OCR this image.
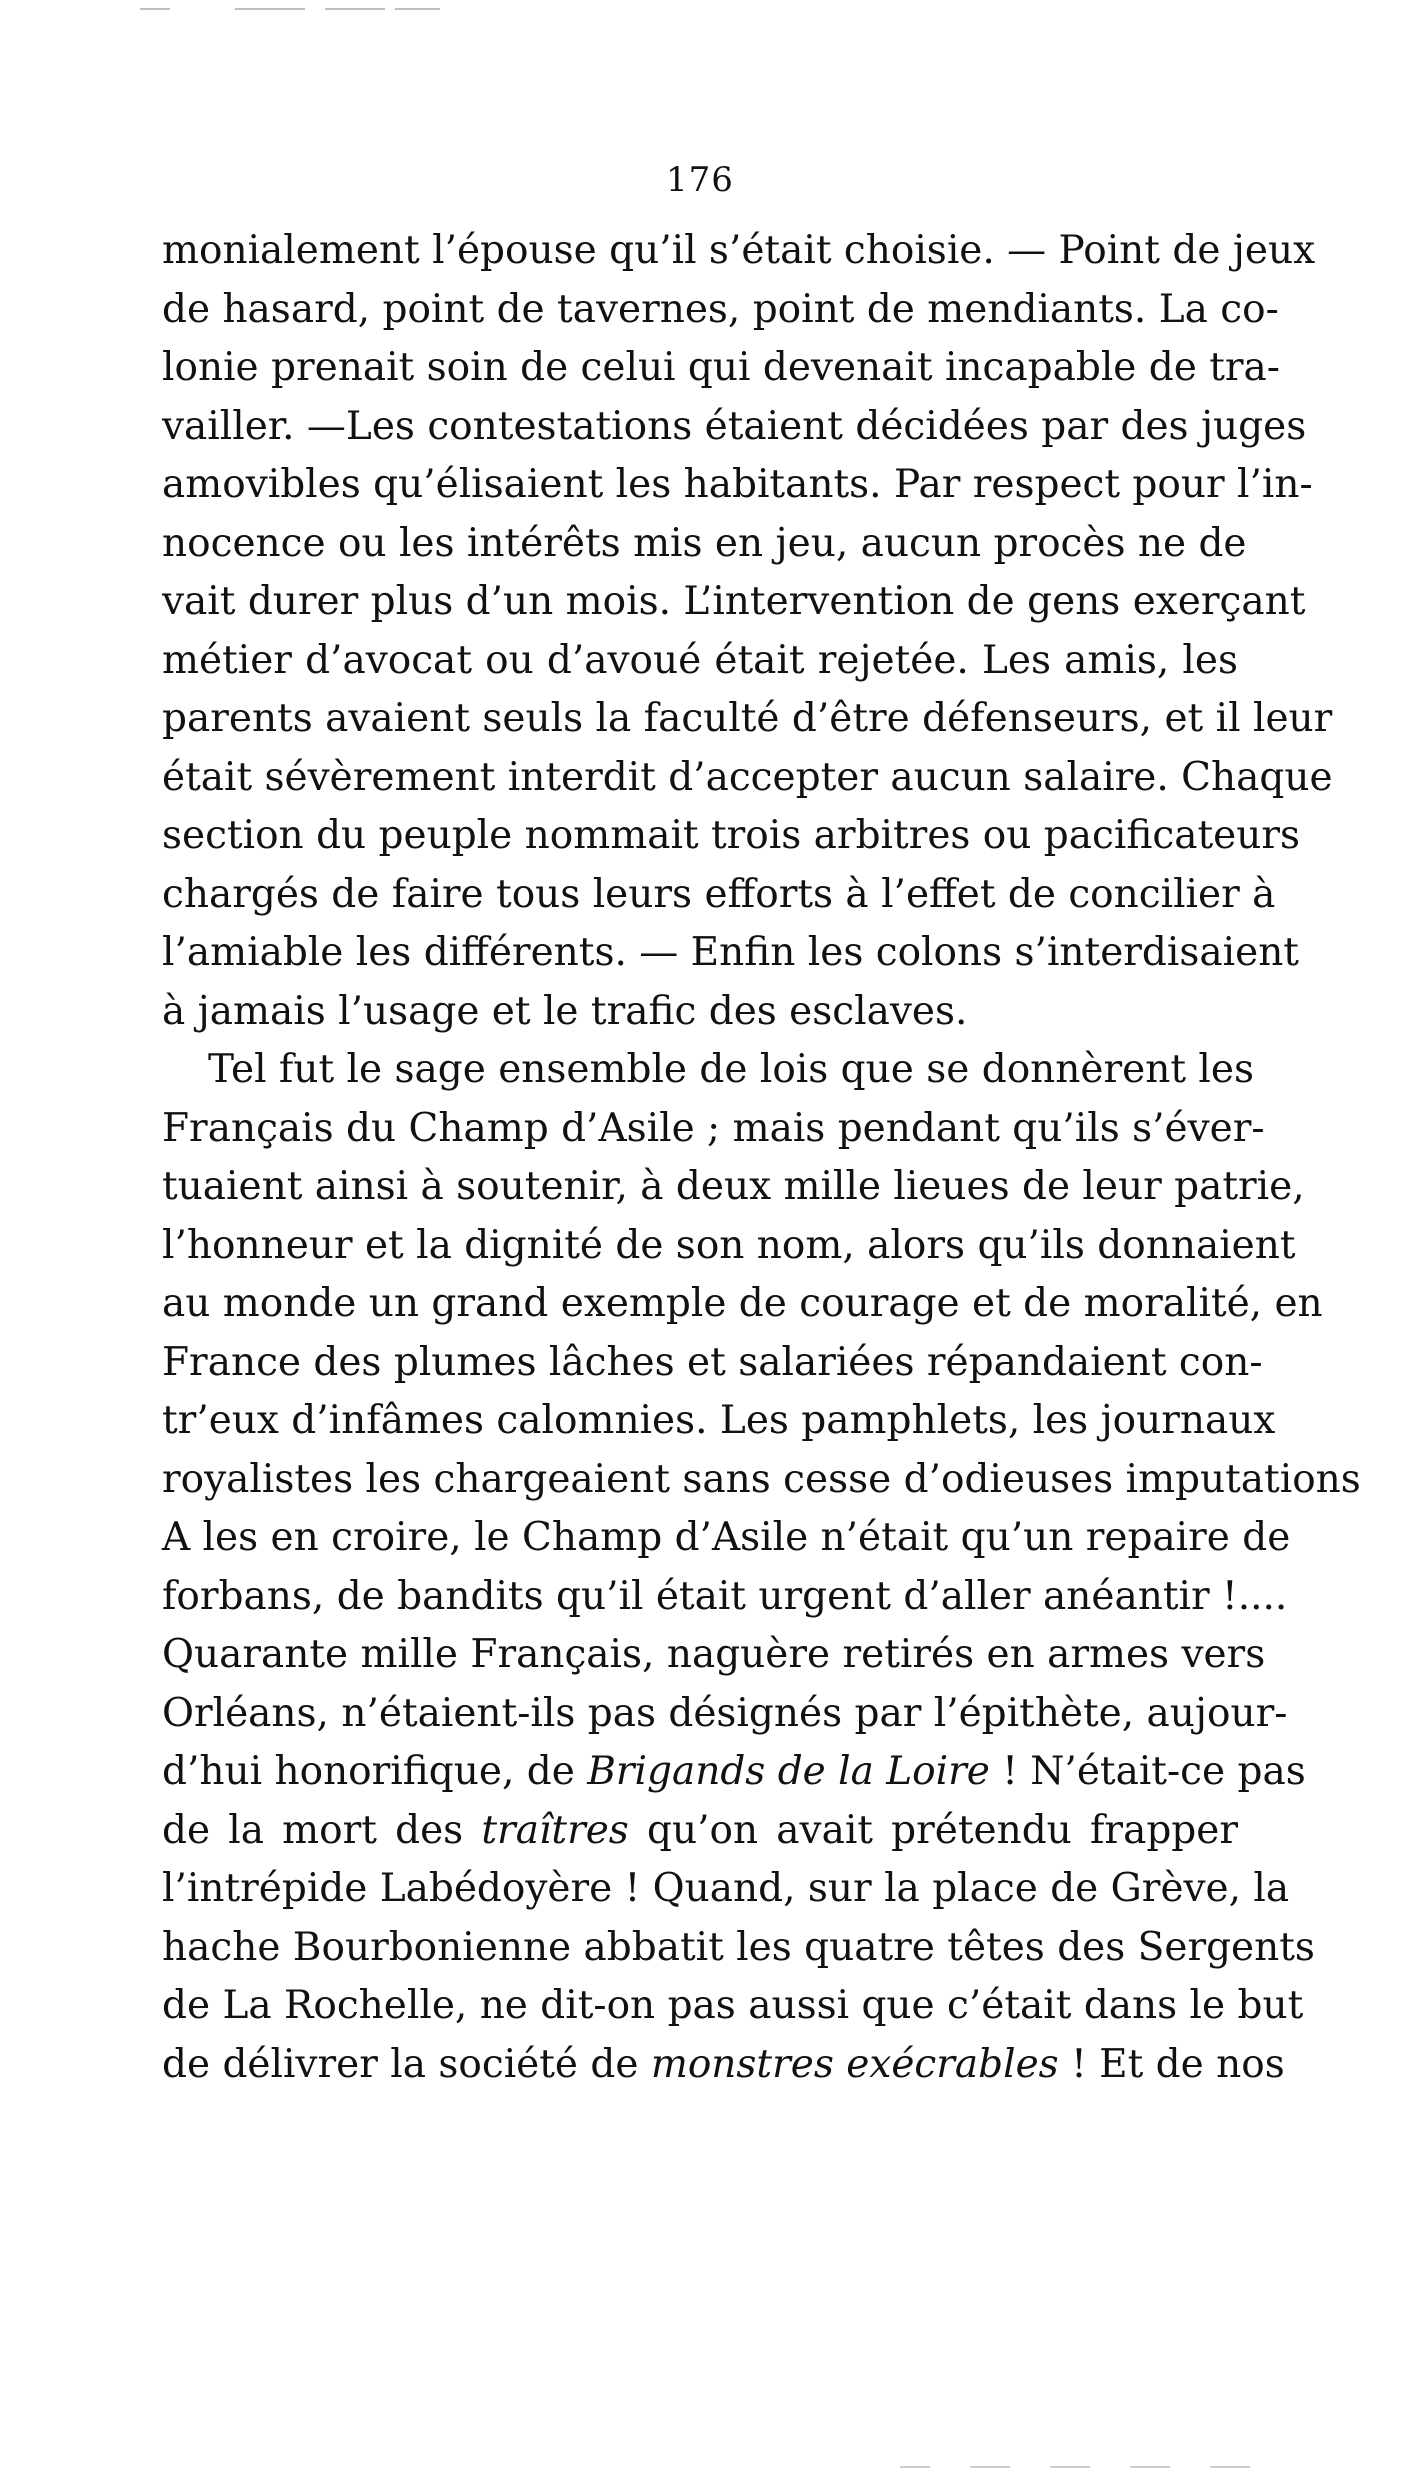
176
monialement l’épouse qu’il s’était choisie. — Point de jeux
de hasard, point de tavernes, point de mendiants. La co-
lonie prenait soin de celui qui devenait incapable de tra-
vailler. —Les contestations étaient décidées par des juges
amovibles qu’élisaient les habitants. Par respect pour l’in-
nocence ou les intérêts mis en jeu, aucun procès ne de
vait durer plus d’un mois. L’intervention de gens exerçant
métier d’avocat ou d’avoué était rejetée. Les amis, les
parents avaient seuls la faculté d’être défenseurs, et il leur
était sévèrement interdit d’accepter aucun salaire. Chaque
section du peuple nommait trois arbitres ou pacificateurs
chargés de faire tous leurs efforts à l’effet de concilier à
l’amiable les différents. — Enfin les colons s’interdisaient
à jamais l’usage et le trafic des esclaves.
Tel fut le sage ensemble de lois que se donnèrent les
Français du Champ d’Asile ; mais pendant qu’ils s’éver-
tuaient ainsi à soutenir, à deux mille lieues de leur patrie,
l’honneur et la dignité de son nom, alors qu’ils donnaient
au monde un grand exemple de courage et de moralité, en
France des plumes lâches et salariées répandaient con-
tr’eux d’infâmes calomnies. Les pamphlets, les journaux
royalistes les chargeaient sans cesse d’odieuses imputations
A les en croire, le Champ d’Asile n’était qu’un repaire de
forbans, de bandits qu’il était urgent d’aller anéantir !....
Quarante mille Français, naguère retirés en armes vers
Orléans, n’étaient-ils pas désignés par l’épithète, aujour-
d’hui honorifique, de Brigands de la Loire ! N’était-ce pas
de la mort des traîtres qu’on avait prétendu frapper
l’intrépide Labédoyère ! Quand, sur la place de Grève, la
hache Bourbonienne abbatit les quatre têtes des Sergents
de La Rochelle, ne dit-on pas aussi que c’était dans le but
de délivrer la société de monstres exécrables ! Et de nos
